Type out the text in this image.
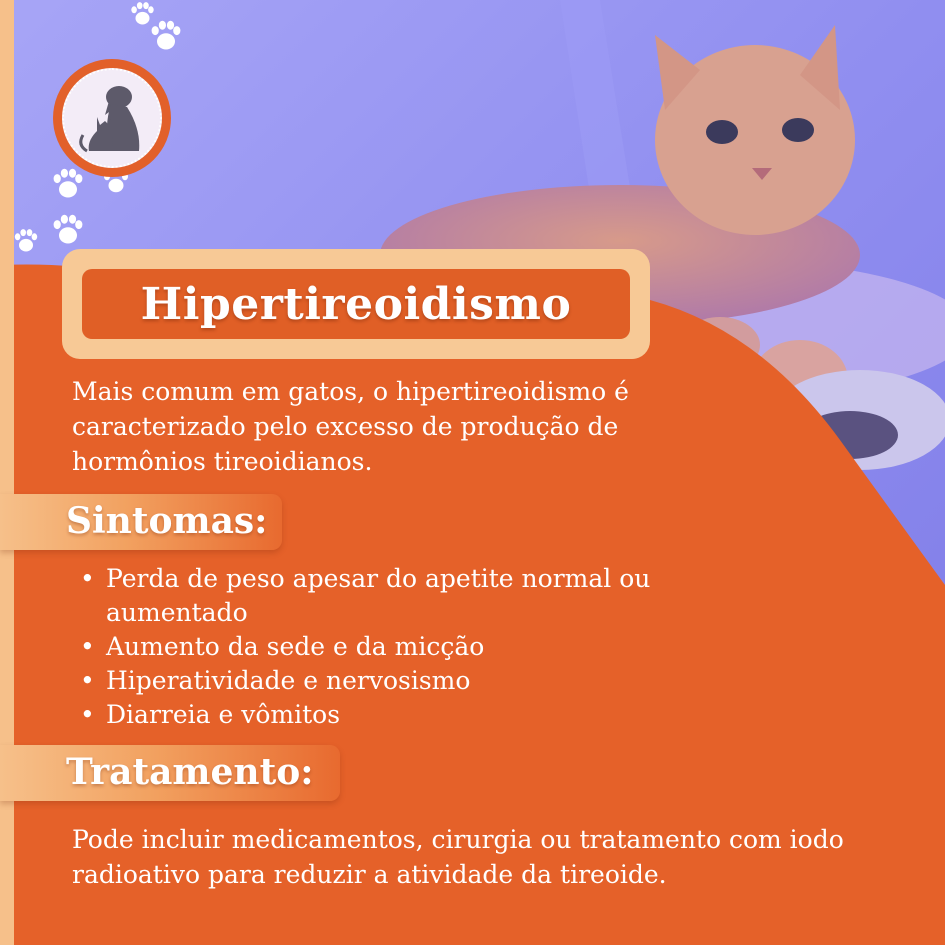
Hipertireoidismo
Mais comum em gatos, o hipertireoidismo é caracterizado pelo excesso de produção de hormônios tireoidianos.
Sintomas:
• Perda de peso apesar do apetite normal ou aumentado
• Aumento da sede e da micção
• Hiperatividade e nervosismo
• Diarreia e vômitos
Tratamento:
Pode incluir medicamentos, cirurgia ou tratamento com iodo radioativo para reduzir a atividade da tireoide.
